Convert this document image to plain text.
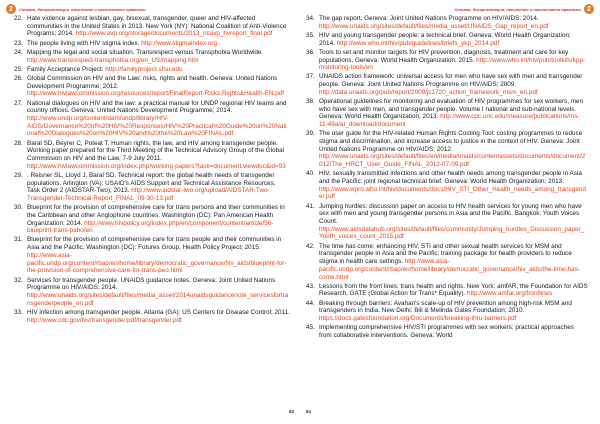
2	Стигма, дискриминация, насилство и насилствени практики
22. Hate violence against lesbian, gay, bisexual, transgender, queer and HIV-affected communities in the United States in 2013. New York (NY): National Coalition of Anti-Violence Programs; 2014. http://www.avp.org/storage/documents/2013_ncavp_hvreport_final.pdf
23. The people living with HIV stigma index. http://www.stigmaindex.org
24. Mapping the legal and social situation. Transrespect versus Transphobia Worldwide. http://www.transrespect-transphobia.org/en_US/mapping.htm
25. Family Acceptance Project: http://familyproject.sfsu.edu
26. Global Commission on HIV and the Law: risks, rights and health. Geneva: United Nations Development Programme; 2012. http://www.hivlawcommission.org/resources/report/FinalReport-Risks,Rights&Health-EN.pdf
27. National dialogues on HIV and the law: a practical manual for UNDP regional HIV teams and country offices. Geneva: United Nations Development Programme; 2014. http://www.undp.org/content/dam/undp/library/HIV-AIDS/Governance%20of%20HIV%20Responses/HIV%20Practical%20Guide%20on%20National%20Dialogues%20on%20HIV%20and%20the%20Law%20FINAL.pdf
28. Baral SD, Beyrer C, Poteat T. Human rights, the law, and HIV among transgender people. Working paper prepared for the Third Meeting of the Technical Advisory Group of the Global Commission on HIV and the Law, 7-9 July 2011. http://www.hivlawcommission.org/index.php/working-papers?task=document.viewdoc&id=93
29. . Reisner SL, Lloyd J, Baral SD. Technical report: the global health needs of transgender populations. Arlington (VA): USAID's AIDS Support and Technical Assistance Resources, Task Order 2 (AIDSTAR-Two); 2013. http://www.aidstar-two.org/upload/AIDSTAR-Two-Transgender-Technical-Report_FINAL_09-30-13.pdf
30. Blueprint for the provision of comprehensive care for trans persons and their communities in the Caribbean and other Anglophone countries. Washington (DC): Pan American Health Organization; 2014. http://www.hivpolicy.org/index.php/en/component/content/article/56-blueprint-trans-paho/en
31. Blueprint for the provision of comprehensive care for trans people and their communities in Asia and the Pacific. Washington (DC): Futures Group, Health Policy Project; 2015. http://www.asia-pacific.undp.org/content/rbap/en/home/library/democratic_governance/hiv_aids/blueprint-for-the-provision-of-comprehensive-care-for-trans-peo.html
32. Services for transgender people. UNAIDS guidance notes. Geneva: Joint United Nations Programme on HIV/AIDS; 2014. http://www.unaids.org/sites/default/files/media_asset/2014unaidsguidancenote_servicesfortransgenderpeople_en.pdf
33. HIV infection among transgender people. Atlanta (GA): US Centers for Disease Control; 2011. http://www.cdc.gov/hiv/transgender/pdf/transgender.pdf
83
2
Стигма, дискриминация, насилство и насилствени практики
34. The gap report. Geneva: Joint United Nations Programme on HIV/AIDS; 2014. http://www.unaids.org/sites/default/files/media_asset/UNAIDS_Gap_report_en.pdf
35. HIV and young transgender people: a technical brief. Geneva: World Health Organization; 2014. http://www.who.int/hiv/pub/guidelines/briefs_ykp_2014.pdf
36. Tools to set and monitor targets for HIV prevention, diagnosis, treatment and care for key populations. Geneva: World Health Organization; 2015. http://www.who.int/hiv/pub/toolkits/kpp-monitoring-tools/en
37. UNAIDS action framework: universal access for men who have sex with men and transgender people. Geneva: Joint United Nations Programme on HIV/AIDS; 2009. http://data.unaids.org/pub/report/2009/jc1720_action_framework_msm_en.pdf
38. Operational guidelines for monitoring and evaluation of HIV programmes for sex workers, men who have sex with men, and transgender people. Volume I national and sub-national levels. Geneva: World Health Organization; 2013. http://www.cpc.unc.edu/measure/publications/ms-11-49a/at_download/document
39. The user guide for the HIV-related Human Rights Costing Tool: costing programmes to reduce stigma and discrimination, and increase access to justice in the context of HIV. Geneva: Joint United Nations Programme on HIV/AIDS; 2012. http://www.unaids.org/sites/default/files/en/media/unaids/contentassets/documents/document/2012/The_HRCT_User_Guide_FINAL_2012-07-09.pdf
40. HIV, sexually transmitted infections and other health needs among transgender people in Asia and the Pacific: joint regional technical brief. Geneva: World Health Organization; 2013. http://www.wpro.who.int/hiv/documents/docs/HIV_STI_Other_Health_needs_among_transgender.pdf
41. Jumping hurdles: discussion paper on access to HIV health services for young men who have sex with men and young transgender persons in Asia and the Pacific. Bangkok: Youth Voices Count. http://www.aidsdatahub.org/sites/default/files/community/Jumping_hurdles_Discussion_paper_Youth_voices_count_2015.pdf
42. The time has come: enhancing HIV, STI and other sexual health services for MSM and transgender people in Asia and the Pacific: training package for health providers to reduce stigma in health care settings. http://www.asia-pacific.undp.org/content/rbap/en/home/library/democratic_governance/hiv_aids/the-time-has-come.html
43. Lessons from the front lines: trans health and rights. New York: amfAR, the Foundation for AIDS Research, GATE (Global Action for Trans* Equality). http://www.amfar.org/frontlines
44. Breaking through barriers: Avahan's scale-up of HIV prevention among high-risk MSM and transgenders in India. New Delhi: Bill & Melinda Gates Foundation; 2010. https://docs.gatesfoundation.org/Documents/breaking-thru-barriers.pdf
45. Implementing comprehensive HIV/STI programmes with sex workers: practical approaches from collaborative interventions. Geneva: World
84
